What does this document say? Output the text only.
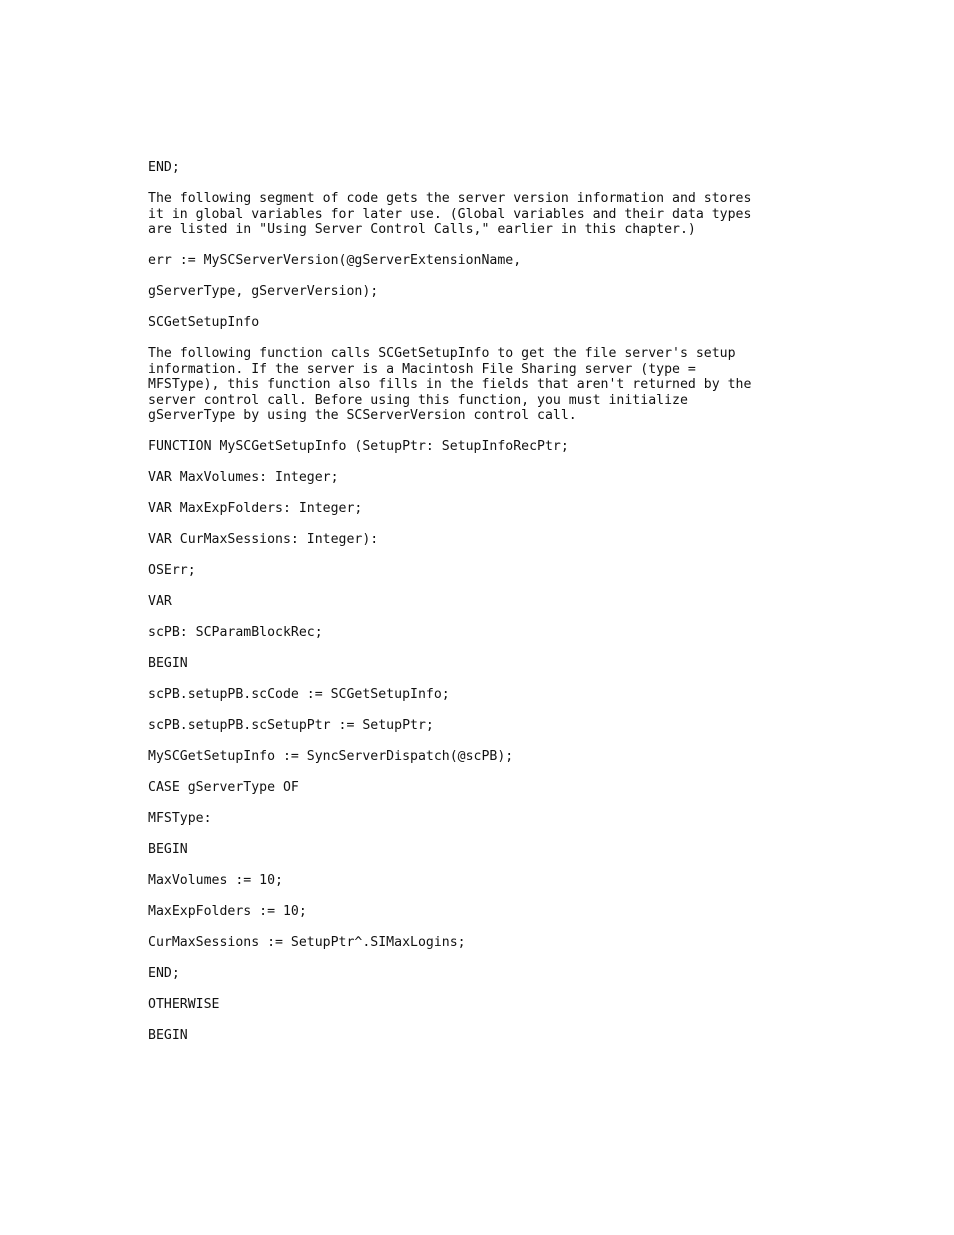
END;
The following segment of code gets the server version information and stores
it in global variables for later use. (Global variables and their data types
are listed in "Using Server Control Calls," earlier in this chapter.)
err := MySCServerVersion(@gServerExtensionName,
gServerType, gServerVersion);
SCGetSetupInfo
The following function calls SCGetSetupInfo to get the file server's setup
information. If the server is a Macintosh File Sharing server (type =
MFSType), this function also fills in the fields that aren't returned by the
server control call. Before using this function, you must initialize
gServerType by using the SCServerVersion control call.
FUNCTION MySCGetSetupInfo (SetupPtr: SetupInfoRecPtr;
VAR MaxVolumes: Integer;
VAR MaxExpFolders: Integer;
VAR CurMaxSessions: Integer):
OSErr;
VAR
scPB: SCParamBlockRec;
BEGIN
scPB.setupPB.scCode := SCGetSetupInfo;
scPB.setupPB.scSetupPtr := SetupPtr;
MySCGetSetupInfo := SyncServerDispatch(@scPB);
CASE gServerType OF
MFSType:
BEGIN
MaxVolumes := 10;
MaxExpFolders := 10;
CurMaxSessions := SetupPtr^.SIMaxLogins;
END;
OTHERWISE
BEGIN
